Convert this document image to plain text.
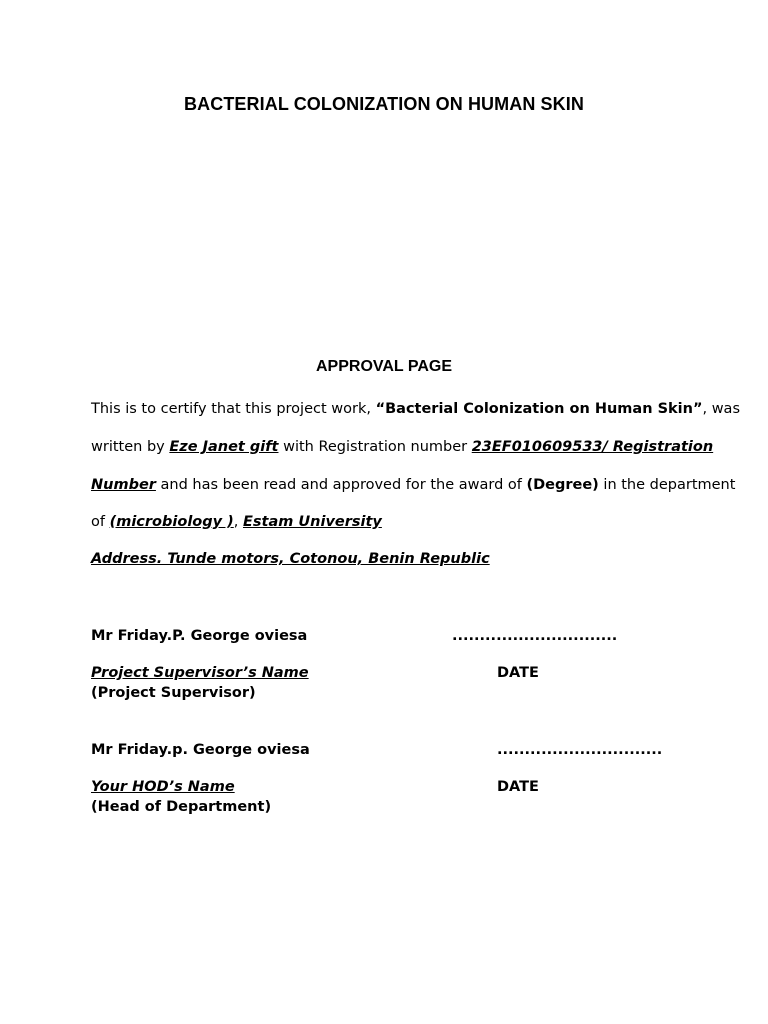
BACTERIAL COLONIZATION ON HUMAN SKIN
APPROVAL PAGE
This is to certify that this project work, “Bacterial Colonization on Human Skin”, was
written by Eze Janet gift with Registration number 23EF010609533/ Registration
Number and has been read and approved for the award of (Degree) in the department
of (microbiology ), Estam University
Address. Tunde motors, Cotonou, Benin Republic
Mr Friday.P. George oviesa	..............................
Project Supervisor’s Name	DATE
(Project Supervisor)
Mr Friday.p. George oviesa	..............................
Your HOD’s Name	DATE
(Head of Department)
